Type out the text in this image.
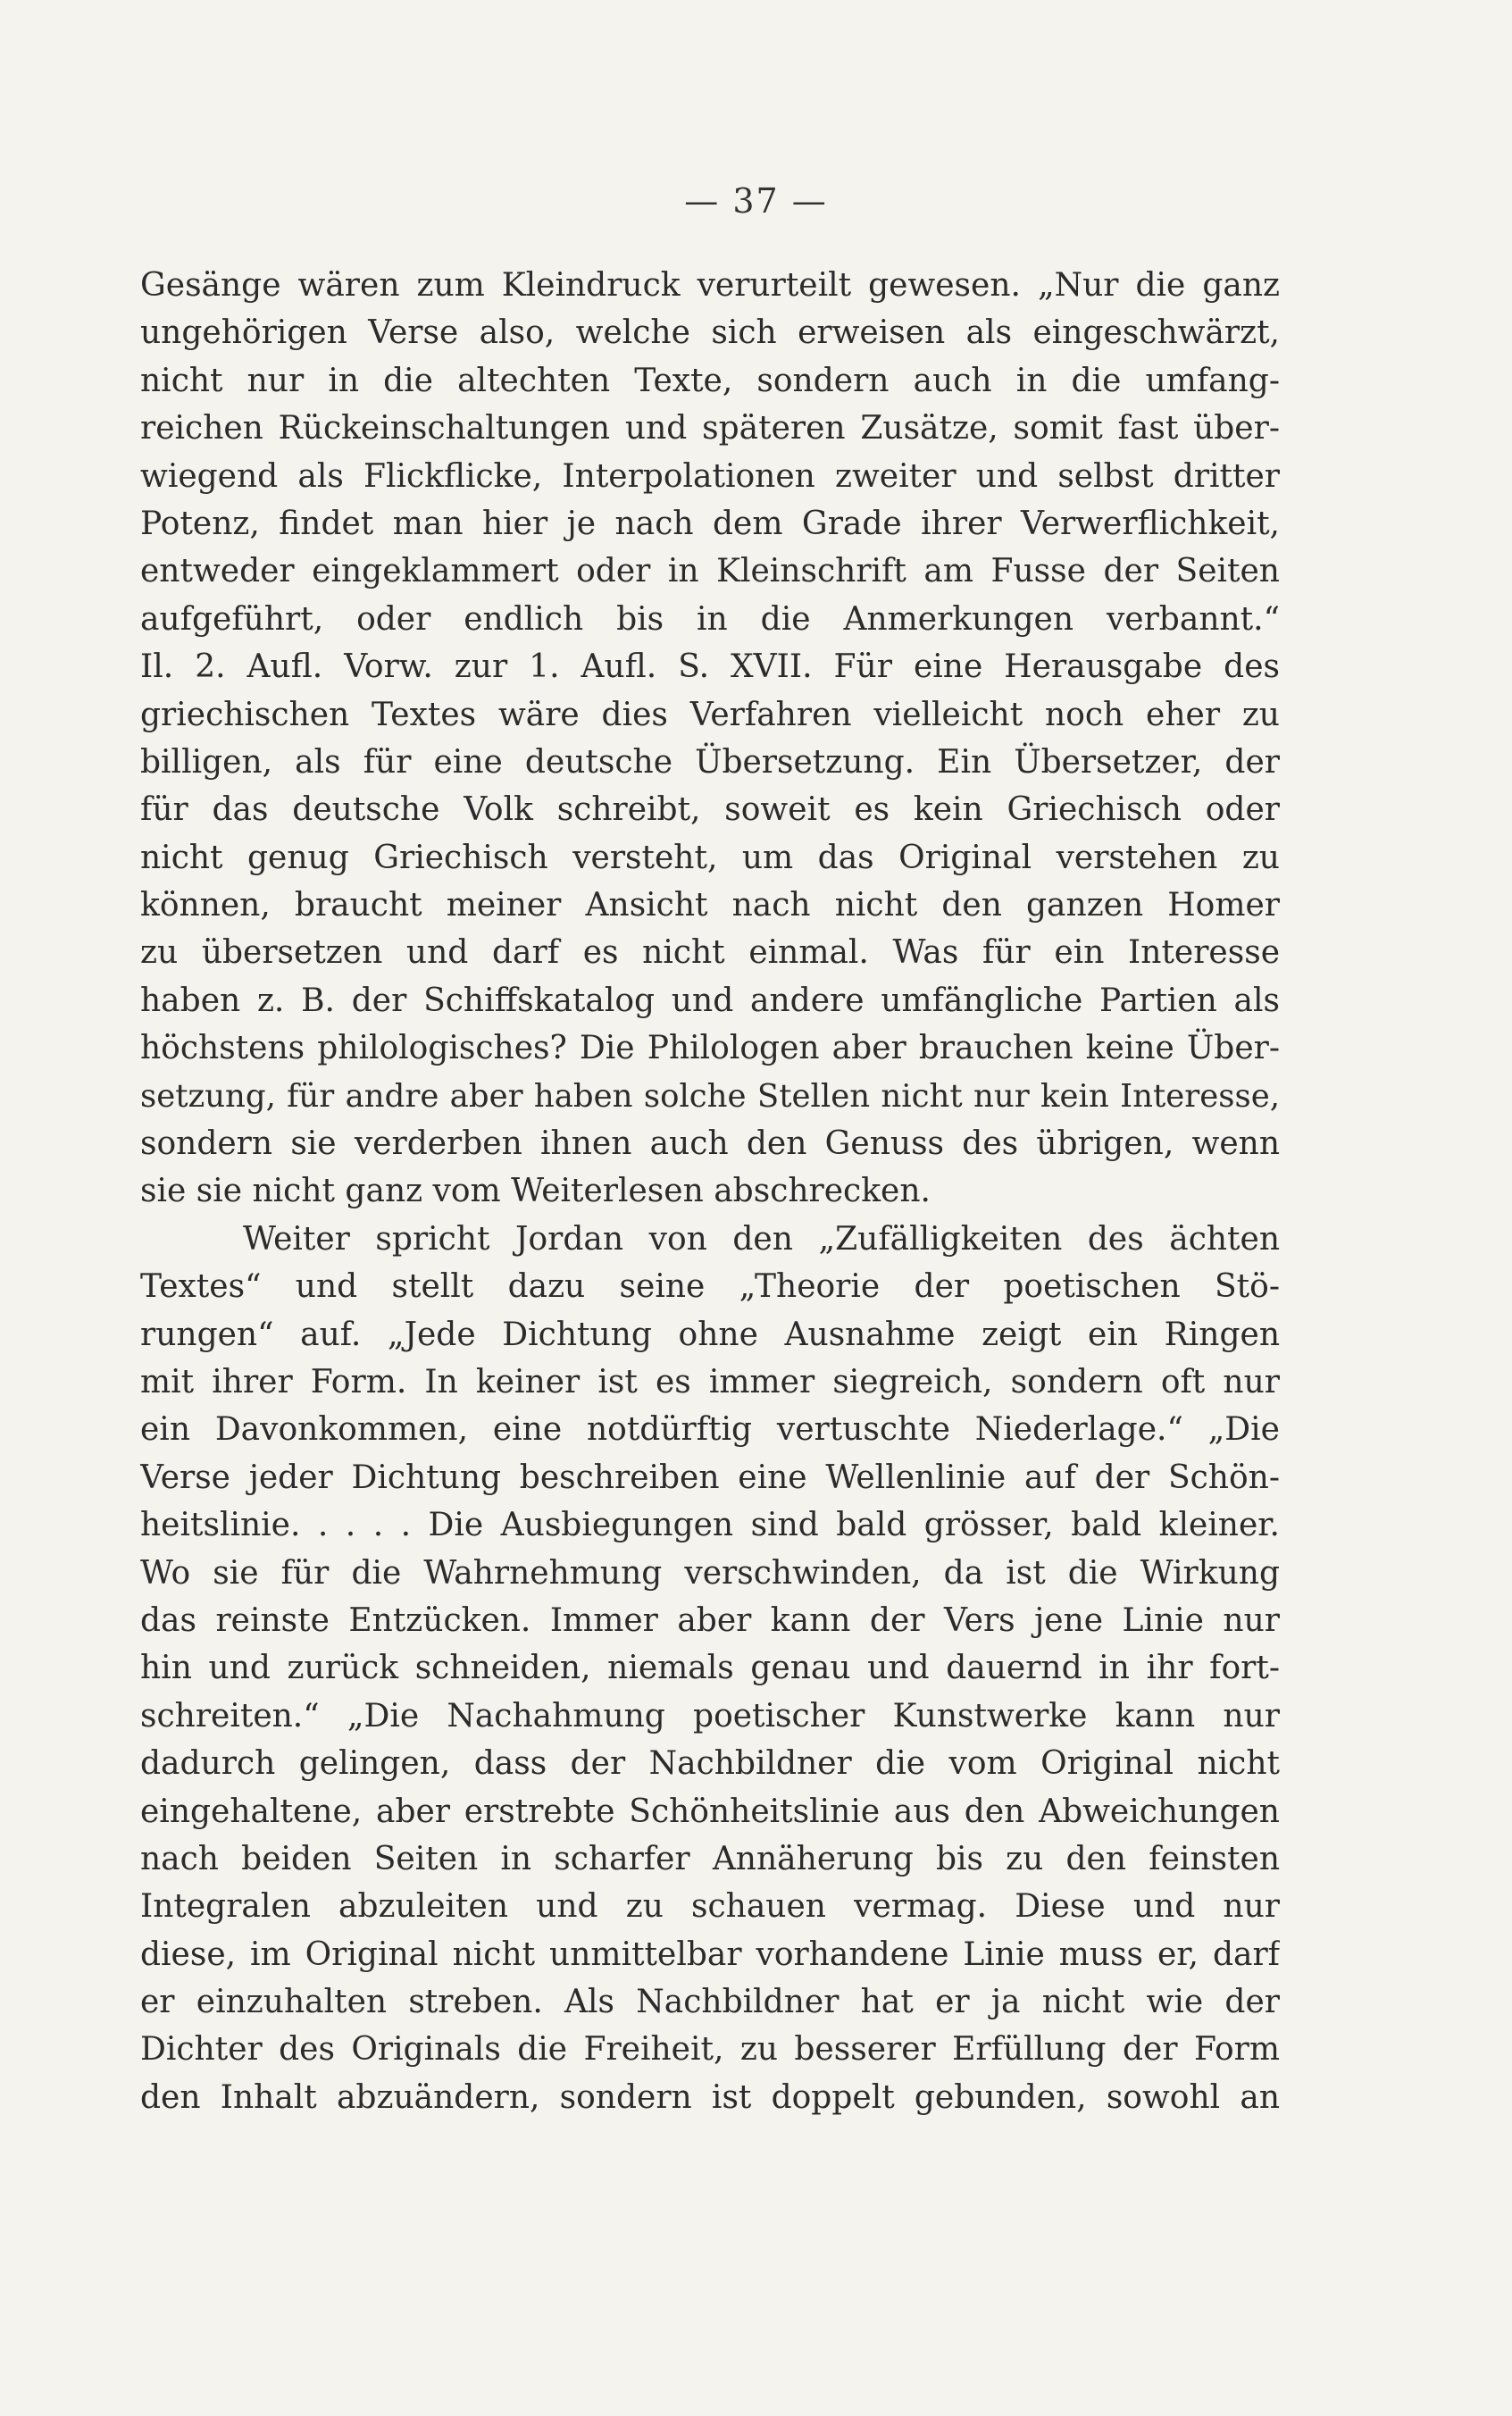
— 37 —
Gesänge wären zum Kleindruck verurteilt gewesen. „Nur die ganz
ungehörigen Verse also, welche sich erweisen als eingeschwärzt,
nicht nur in die altechten Texte, sondern auch in die umfang-
reichen Rückeinschaltungen und späteren Zusätze, somit fast über-
wiegend als Flickflicke, Interpolationen zweiter und selbst dritter
Potenz, findet man hier je nach dem Grade ihrer Verwerflichkeit,
entweder eingeklammert oder in Kleinschrift am Fusse der Seiten
aufgeführt, oder endlich bis in die Anmerkungen verbannt.“
Il. 2. Aufl. Vorw. zur 1. Aufl. S. XVII. Für eine Herausgabe des
griechischen Textes wäre dies Verfahren vielleicht noch eher zu
billigen, als für eine deutsche Übersetzung. Ein Übersetzer, der
für das deutsche Volk schreibt, soweit es kein Griechisch oder
nicht genug Griechisch versteht, um das Original verstehen zu
können, braucht meiner Ansicht nach nicht den ganzen Homer
zu übersetzen und darf es nicht einmal. Was für ein Interesse
haben z. B. der Schiffskatalog und andere umfängliche Partien als
höchstens philologisches? Die Philologen aber brauchen keine Über-
setzung, für andre aber haben solche Stellen nicht nur kein Interesse,
sondern sie verderben ihnen auch den Genuss des übrigen, wenn
sie sie nicht ganz vom Weiterlesen abschrecken.
Weiter spricht Jordan von den „Zufälligkeiten des ächten
Textes“ und stellt dazu seine „Theorie der poetischen Stö-
rungen“ auf. „Jede Dichtung ohne Ausnahme zeigt ein Ringen
mit ihrer Form. In keiner ist es immer siegreich, sondern oft nur
ein Davonkommen, eine notdürftig vertuschte Niederlage.“ „Die
Verse jeder Dichtung beschreiben eine Wellenlinie auf der Schön-
heitslinie. . . . . Die Ausbiegungen sind bald grösser, bald kleiner.
Wo sie für die Wahrnehmung verschwinden, da ist die Wirkung
das reinste Entzücken. Immer aber kann der Vers jene Linie nur
hin und zurück schneiden, niemals genau und dauernd in ihr fort-
schreiten.“ „Die Nachahmung poetischer Kunstwerke kann nur
dadurch gelingen, dass der Nachbildner die vom Original nicht
eingehaltene, aber erstrebte Schönheitslinie aus den Abweichungen
nach beiden Seiten in scharfer Annäherung bis zu den feinsten
Integralen abzuleiten und zu schauen vermag. Diese und nur
diese, im Original nicht unmittelbar vorhandene Linie muss er, darf
er einzuhalten streben. Als Nachbildner hat er ja nicht wie der
Dichter des Originals die Freiheit, zu besserer Erfüllung der Form
den Inhalt abzuändern, sondern ist doppelt gebunden, sowohl an
